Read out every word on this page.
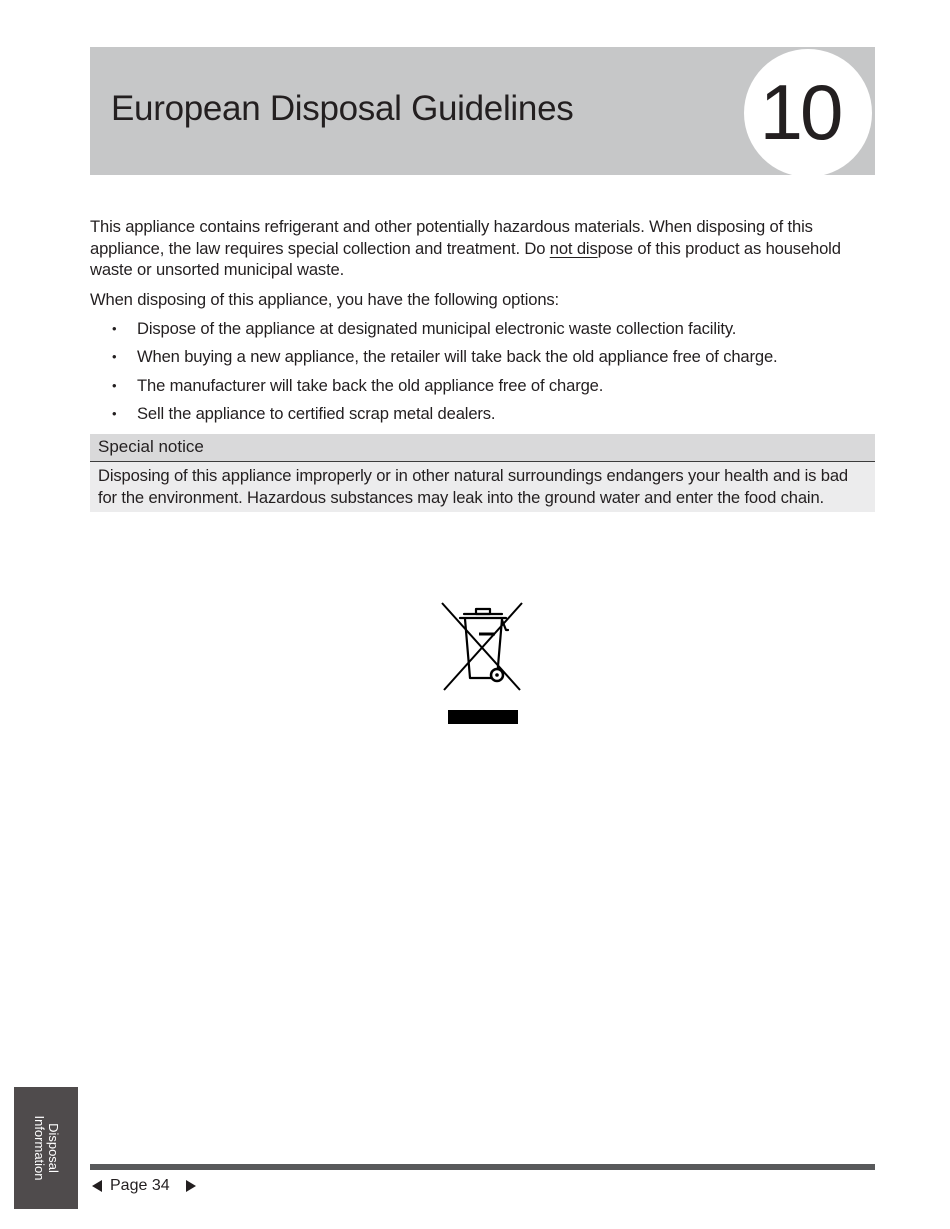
European Disposal Guidelines 10

This appliance contains refrigerant and other potentially hazardous materials. When disposing of this appliance, the law requires special collection and treatment. Do not dispose of this product as household waste or unsorted municipal waste.

When disposing of this appliance, you have the following options:

• Dispose of the appliance at designated municipal electronic waste collection facility.
• When buying a new appliance, the retailer will take back the old appliance free of charge.
• The manufacturer will take back the old appliance free of charge.
• Sell the appliance to certified scrap metal dealers.
Special notice
Disposing of this appliance improperly or in other natural surroundings endangers your health and is bad for the environment. Hazardous substances may leak into the ground water and enter the food chain.
Disposal
Information
Page 34
